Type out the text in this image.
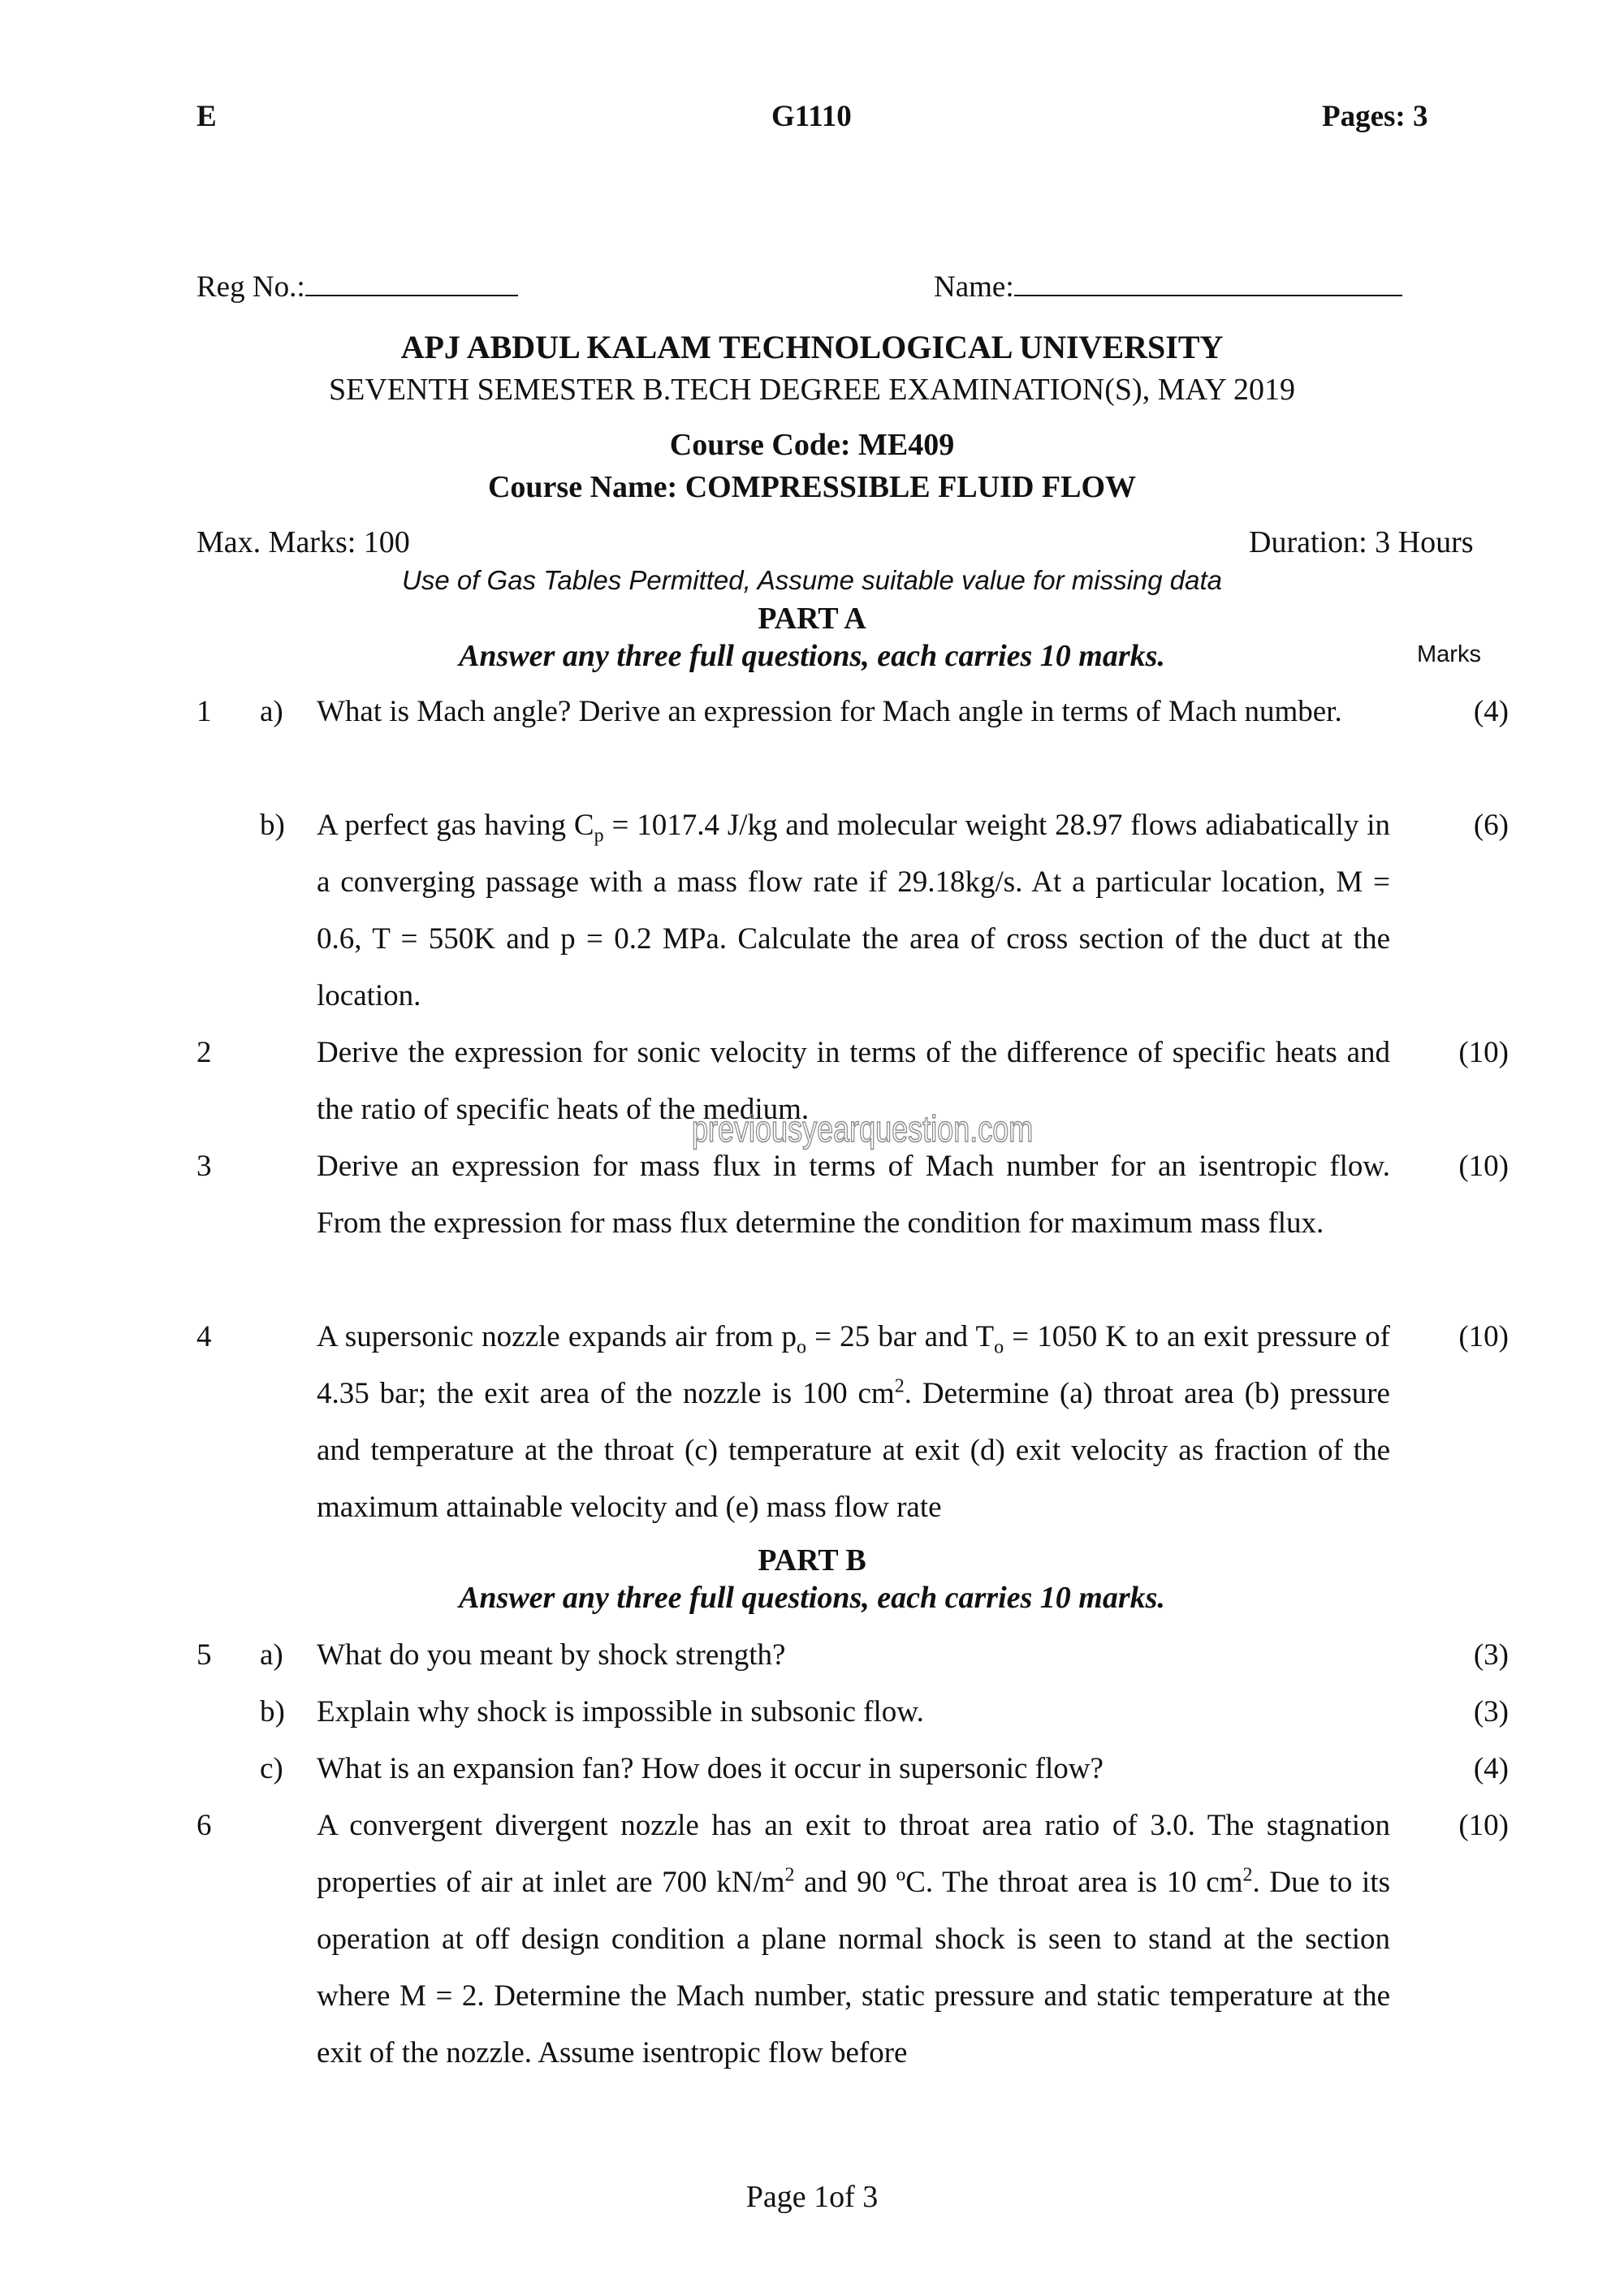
E	G1110	Pages: 3
Reg No.:	Name:
APJ ABDUL KALAM TECHNOLOGICAL UNIVERSITY
SEVENTH SEMESTER B.TECH DEGREE EXAMINATION(S), MAY 2019
Course Code: ME409
Course Name: COMPRESSIBLE FLUID FLOW
Max. Marks: 100	Duration: 3 Hours
Use of Gas Tables Permitted, Assume suitable value for missing data
PART A
Answer any three full questions, each carries 10 marks.	Marks
1 a) What is Mach angle? Derive an expression for Mach angle in terms of Mach number.	(4)
b) A perfect gas having $C_p = 1017.4$ J/kg and molecular weight 28.97 flows adiabatically in a converging passage with a mass flow rate if 29.18kg/s. At a particular location, M = 0.6, T = 550K and p = 0.2 MPa. Calculate the area of cross section of the duct at the location.
(6)
2	Derive the expression for sonic velocity in terms of the difference of specific heats and the ratio of specific heats of the medium.
(10)
3	Derive an expression for mass flux in terms of Mach number for an isentropic flow. From the expression for mass flux determine the condition for maximum mass flux.
(10)
4	A supersonic nozzle expands air from $p_o = 25$ bar and $T_o = 1050$ K to an exit pressure of 4.35 bar; the exit area of the nozzle is 100 $cm^2$. Determine (a) throat area (b) pressure and temperature at the throat (c) temperature at exit (d) exit velocity as fraction of the maximum attainable velocity and (e) mass flow rate
(10)
PART B
Answer any three full questions, each carries 10 marks.
5 a) What do you meant by shock strength?	(3)
b) Explain why shock is impossible in subsonic flow.	(3)
c) What is an expansion fan? How does it occur in supersonic flow?	(4)
6	A convergent divergent nozzle has an exit to throat area ratio of 3.0. The stagnation properties of air at inlet are 700 $kN/m^2$ and 90 ºC. The throat area is 10 $cm^2$. Due to its operation at off design condition a plane normal shock is seen to stand at the section where M = 2. Determine the Mach number, static pressure and static temperature at the exit of the nozzle. Assume isentropic flow before
(10)
previousyearquestion.com
Page 1of 3
